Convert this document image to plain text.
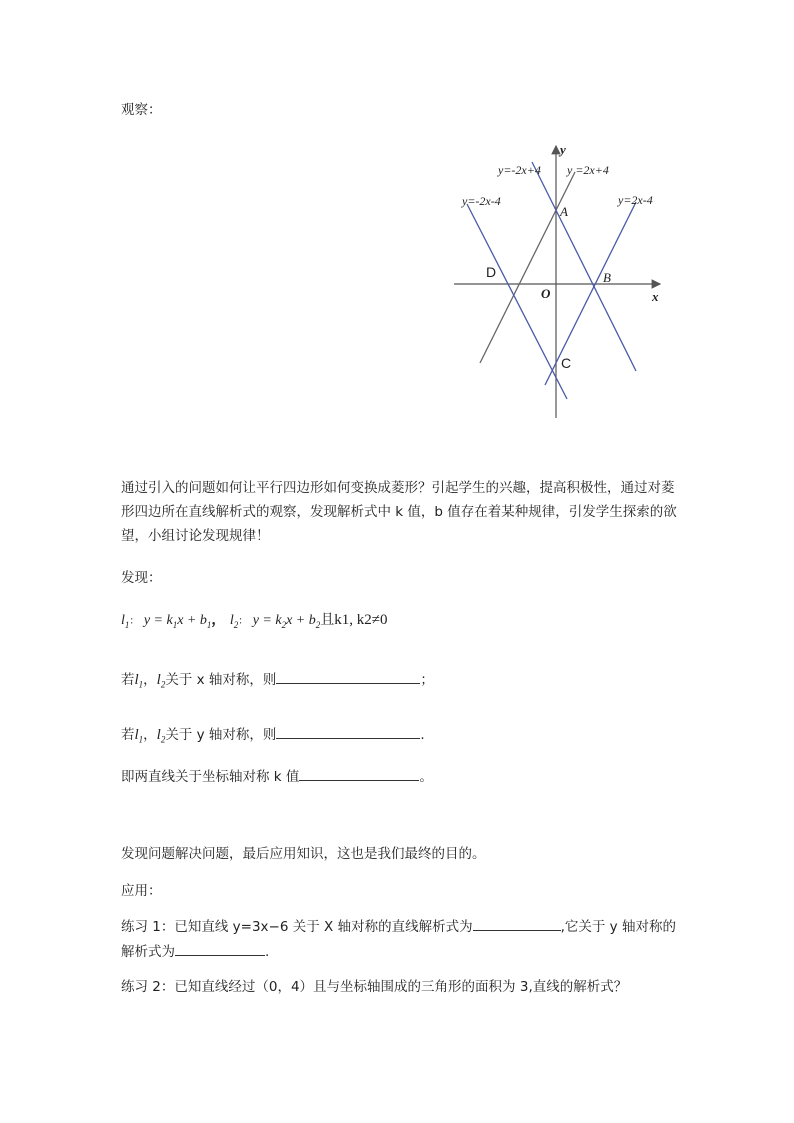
观察：
y=-2x+4 y =2x+4
y=-2x-4	y=2x-4
y
x
A
B
C
D
O
通过引入的问题如何让平行四边形如何变换成菱形？引起学生的兴趣，提高积极性，通过对菱形四边所在直线解析式的观察，发现解析式中 k 值，b 值存在着某种规律，引发学生探索的欲望，小组讨论发现规律！
发现：
$l_1$： $y = k_1x + b_1$， $l_2$： $y = k_2x + b_2$且k1, k2≠0
若$l_1$，$l_2$关于 x 轴对称，则	；
若$l_1$，$l_2$关于 y 轴对称，则	.
即两直线关于坐标轴对称 k 值	。
发现问题解决问题，最后应用知识，这也是我们最终的目的。
应用：
练习 1：已知直线 y=3x−6 关于 X 轴对称的直线解析式为	,它关于 y 轴对称的
解析式为	.
练习 2：已知直线经过（0，4）且与坐标轴围成的三角形的面积为 3,直线的解析式？
